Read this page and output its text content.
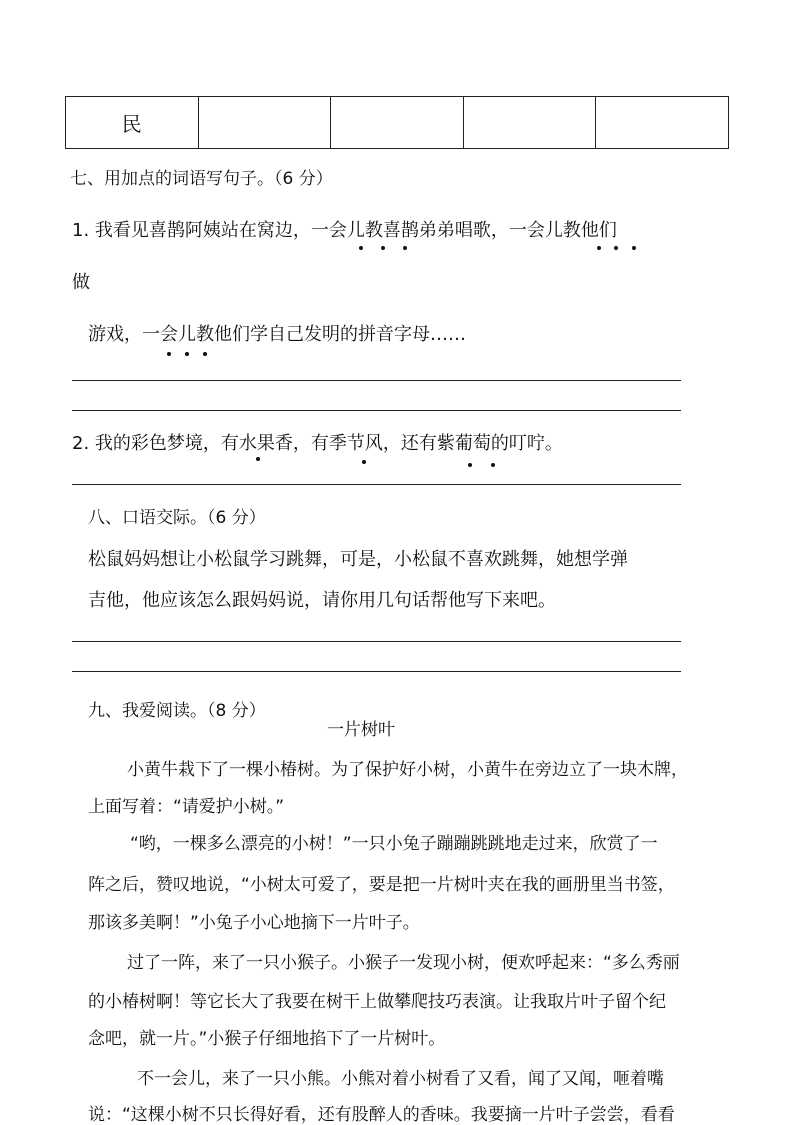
民				
七、用加点的词语写句子。（6 分）
1. 我看见喜鹊阿姨站在窝边，一会儿教喜鹊弟弟唱歌，一会儿教他们
做
游戏，一会儿教他们学自己发明的拼音字母……
2. 我的彩色梦境，有水果香，有季节风，还有紫葡萄的叮咛。
八、口语交际。（6 分）
松鼠妈妈想让小松鼠学习跳舞，可是，小松鼠不喜欢跳舞，她想学弹
吉他，他应该怎么跟妈妈说，请你用几句话帮他写下来吧。
九、我爱阅读。（8 分）
一片树叶
小黄牛栽下了一棵小椿树。为了保护好小树，小黄牛在旁边立了一块木牌，
上面写着：“请爱护小树。”
“哟，一棵多么漂亮的小树！”一只小兔子蹦蹦跳跳地走过来，欣赏了一
阵之后，赞叹地说，“小树太可爱了，要是把一片树叶夹在我的画册里当书签，
那该多美啊！”小兔子小心地摘下一片叶子。
过了一阵，来了一只小猴子。小猴子一发现小树，便欢呼起来：“多么秀丽
的小椿树啊！等它长大了我要在树干上做攀爬技巧表演。让我取片叶子留个纪
念吧，就一片。”小猴子仔细地掐下了一片树叶。
不一会儿，来了一只小熊。小熊对着小树看了又看，闻了又闻，咂着嘴
说：“这棵小树不只长得好看，还有股醉人的香味。我要摘一片叶子尝尝，看看
